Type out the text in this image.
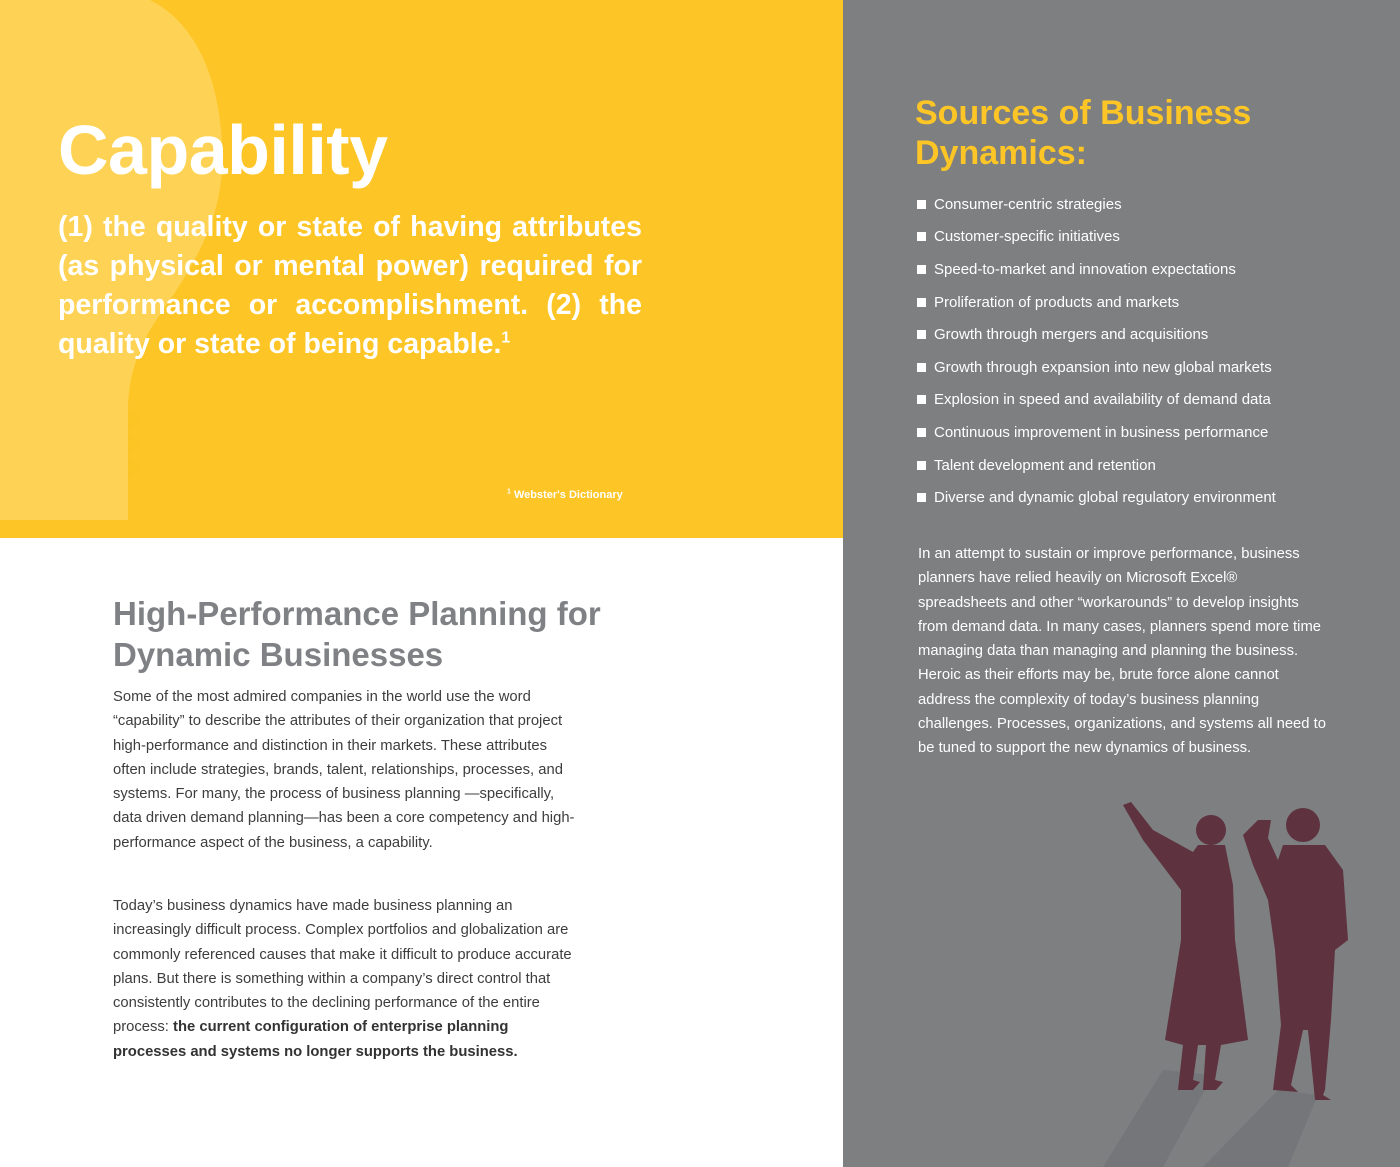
Capability

(1) the quality or state of having attributes (as physical or mental power) required for performance or accomplishment. (2) the quality or state of being capable.$^1$

$^1$ Webster's Dictionary

Sources of Business Dynamics:
Consumer-centric strategies
Customer-specific initiatives
Speed-to-market and innovation expectations
Proliferation of products and markets
Growth through mergers and acquisitions
Growth through expansion into new global markets
Explosion in speed and availability of demand data
Continuous improvement in business performance
Talent development and retention
Diverse and dynamic global regulatory environment

In an attempt to sustain or improve performance, business planners have relied heavily on Microsoft Excel® spreadsheets and other “workarounds” to develop insights from demand data. In many cases, planners spend more time managing data than managing and planning the business. Heroic as their efforts may be, brute force alone cannot address the complexity of today’s business planning challenges. Processes, organizations, and systems all need to be tuned to support the new dynamics of business.

High-Performance Planning for Dynamic Businesses

Some of the most admired companies in the world use the word “capability” to describe the attributes of their organization that project high-performance and distinction in their markets. These attributes often include strategies, brands, talent, relationships, processes, and systems. For many, the process of business planning —specifically, data driven demand planning—has been a core competency and high-performance aspect of the business, a capability.

Today’s business dynamics have made business planning an increasingly difficult process. Complex portfolios and globalization are commonly referenced causes that make it difficult to produce accurate plans. But there is something within a company’s direct control that consistently contributes to the declining performance of the entire process: the current configuration of enterprise planning processes and systems no longer supports the business.
